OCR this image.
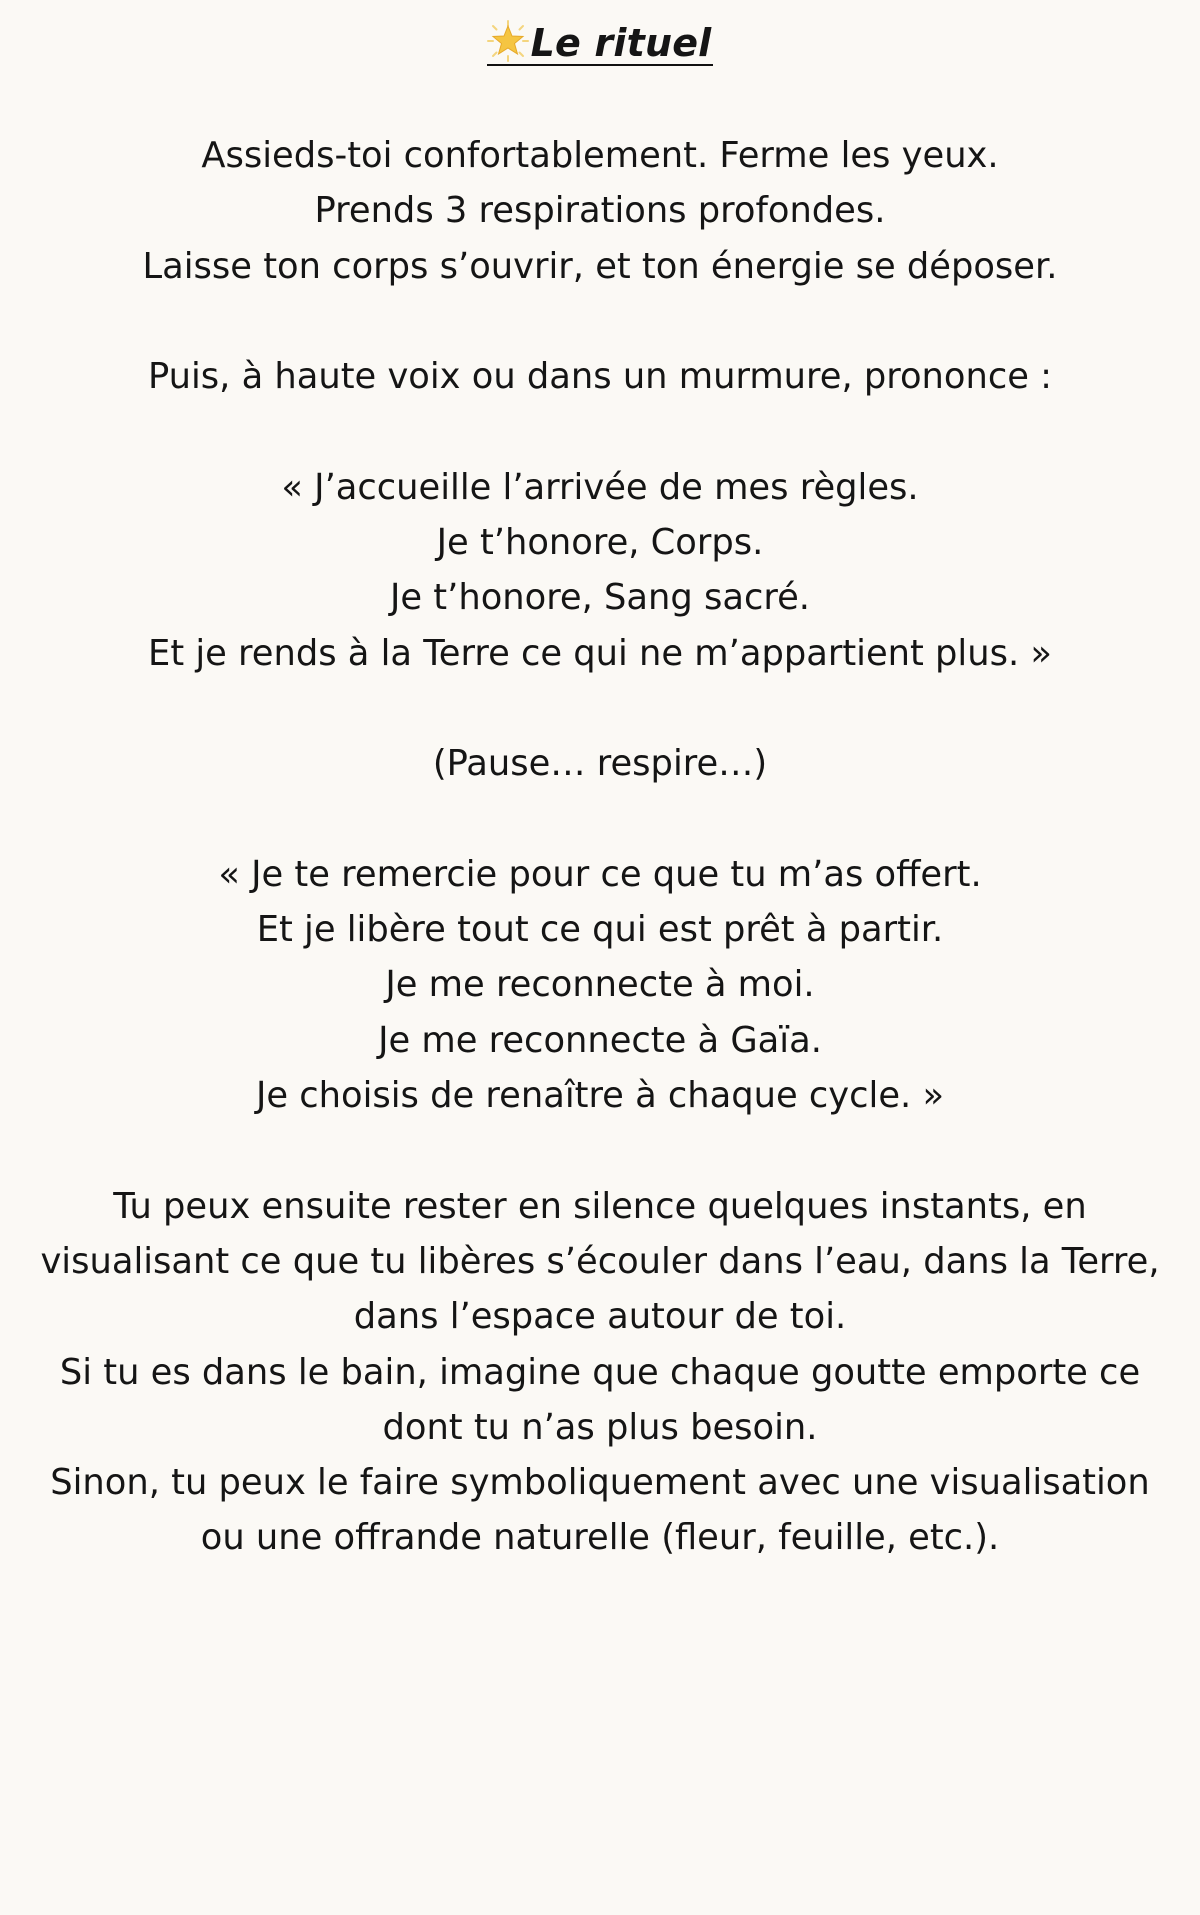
Le rituel
Assieds-toi confortablement. Ferme les yeux.
Prends 3 respirations profondes.
Laisse ton corps s’ouvrir, et ton énergie se déposer.
Puis, à haute voix ou dans un murmure, prononce :
« J’accueille l’arrivée de mes règles.
Je t’honore, Corps.
Je t’honore, Sang sacré.
Et je rends à la Terre ce qui ne m’appartient plus. »
(Pause… respire…)
« Je te remercie pour ce que tu m’as offert.
Et je libère tout ce qui est prêt à partir.
Je me reconnecte à moi.
Je me reconnecte à Gaïa.
Je choisis de renaître à chaque cycle. »
Tu peux ensuite rester en silence quelques instants, en
visualisant ce que tu libères s’écouler dans l’eau, dans la Terre,
dans l’espace autour de toi.
Si tu es dans le bain, imagine que chaque goutte emporte ce
dont tu n’as plus besoin.
Sinon, tu peux le faire symboliquement avec une visualisation
ou une offrande naturelle (fleur, feuille, etc.).
